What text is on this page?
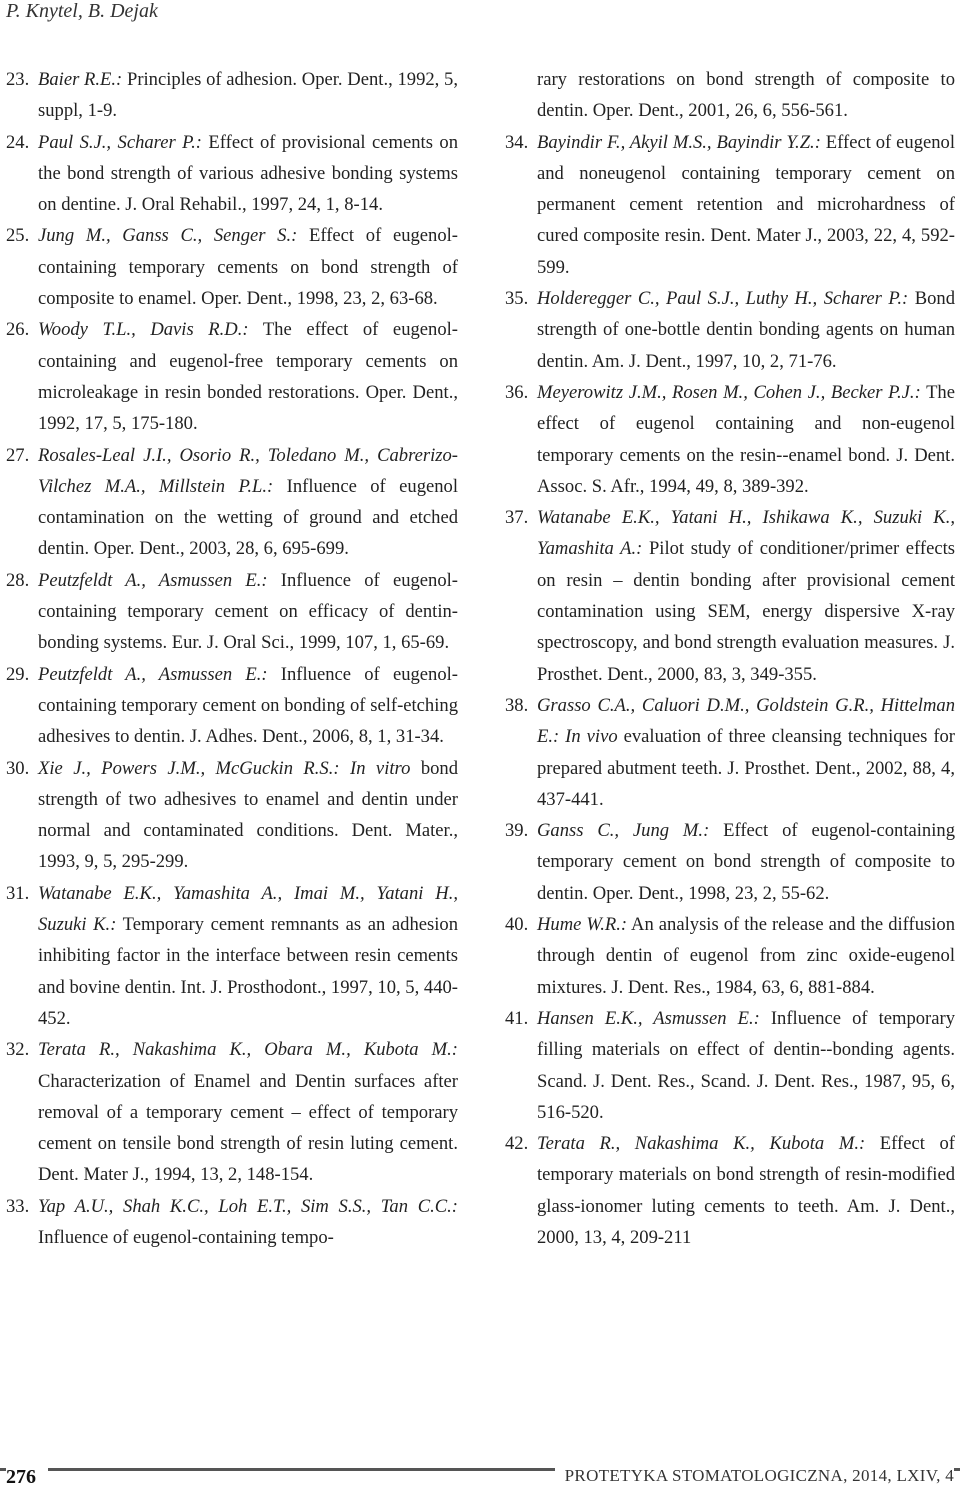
P. Knytel, B. Dejak
23. Baier R.E.: Principles of adhesion. Oper. Dent., 1992, 5, suppl, 1-9.
24. Paul S.J., Scharer P.: Effect of provisional cements on the bond strength of various adhesive bonding systems on dentine. J. Oral Rehabil., 1997, 24, 1, 8-14.
25. Jung M., Ganss C., Senger S.: Effect of eugenol-containing temporary cements on bond strength of composite to enamel. Oper. Dent., 1998, 23, 2, 63-68.
26. Woody T.L., Davis R.D.: The effect of eugenol-containing and eugenol-free temporary cements on microleakage in resin bonded restorations. Oper. Dent., 1992, 17, 5, 175-180.
27. Rosales-Leal J.I., Osorio R., Toledano M., Cabrerizo-Vilchez M.A., Millstein P.L.: Influence of eugenol contamination on the wetting of ground and etched dentin. Oper. Dent., 2003, 28, 6, 695-699.
28. Peutzfeldt A., Asmussen E.: Influence of eugenol-containing temporary cement on efficacy of dentin-bonding systems. Eur. J. Oral Sci., 1999, 107, 1, 65-69.
29. Peutzfeldt A., Asmussen E.: Influence of eugenol-containing temporary cement on bonding of self-etching adhesives to dentin. J. Adhes. Dent., 2006, 8, 1, 31-34.
30. Xie J., Powers J.M., McGuckin R.S.: In vitro bond strength of two adhesives to enamel and dentin under normal and contaminated conditions. Dent. Mater., 1993, 9, 5, 295-299.
31. Watanabe E.K., Yamashita A., Imai M., Yatani H., Suzuki K.: Temporary cement remnants as an adhesion inhibiting factor in the interface between resin cements and bovine dentin. Int. J. Prosthodont., 1997, 10, 5, 440-452.
32. Terata R., Nakashima K., Obara M., Kubota M.: Characterization of Enamel and Dentin surfaces after removal of a temporary cement – effect of temporary cement on tensile bond strength of resin luting cement. Dent. Mater J., 1994, 13, 2, 148-154.
33. Yap A.U., Shah K.C., Loh E.T., Sim S.S., Tan C.C.: Influence of eugenol-containing tempo-
rary restorations on bond strength of composite to dentin. Oper. Dent., 2001, 26, 6, 556-561.
34. Bayindir F., Akyil M.S., Bayindir Y.Z.: Effect of eugenol and noneugenol containing temporary cement on permanent cement retention and microhardness of cured composite resin. Dent. Mater J., 2003, 22, 4, 592-599.
35. Holderegger C., Paul S.J., Luthy H., Scharer P.: Bond strength of one-bottle dentin bonding agents on human dentin. Am. J. Dent., 1997, 10, 2, 71-76.
36. Meyerowitz J.M., Rosen M., Cohen J., Becker P.J.: The effect of eugenol containing and non-eugenol temporary cements on the resin--enamel bond. J. Dent. Assoc. S. Afr., 1994, 49, 8, 389-392.
37. Watanabe E.K., Yatani H., Ishikawa K., Suzuki K., Yamashita A.: Pilot study of conditioner/primer effects on resin – dentin bonding after provisional cement contamination using SEM, energy dispersive X-ray spectroscopy, and bond strength evaluation measures. J. Prosthet. Dent., 2000, 83, 3, 349-355.
38. Grasso C.A., Caluori D.M., Goldstein G.R., Hittelman E.: In vivo evaluation of three cleansing techniques for prepared abutment teeth. J. Prosthet. Dent., 2002, 88, 4, 437-441.
39. Ganss C., Jung M.: Effect of eugenol-containing temporary cement on bond strength of composite to dentin. Oper. Dent., 1998, 23, 2, 55-62.
40. Hume W.R.: An analysis of the release and the diffusion through dentin of eugenol from zinc oxide-eugenol mixtures. J. Dent. Res., 1984, 63, 6, 881-884.
41. Hansen E.K., Asmussen E.: Influence of temporary filling materials on effect of dentin--bonding agents. Scand. J. Dent. Res., Scand. J. Dent. Res., 1987, 95, 6, 516-520.
42. Terata R., Nakashima K., Kubota M.: Effect of temporary materials on bond strength of resin-modified glass-ionomer luting cements to teeth. Am. J. Dent., 2000, 13, 4, 209-211
276	PROTETYKA STOMATOLOGICZNA, 2014, LXIV, 4
